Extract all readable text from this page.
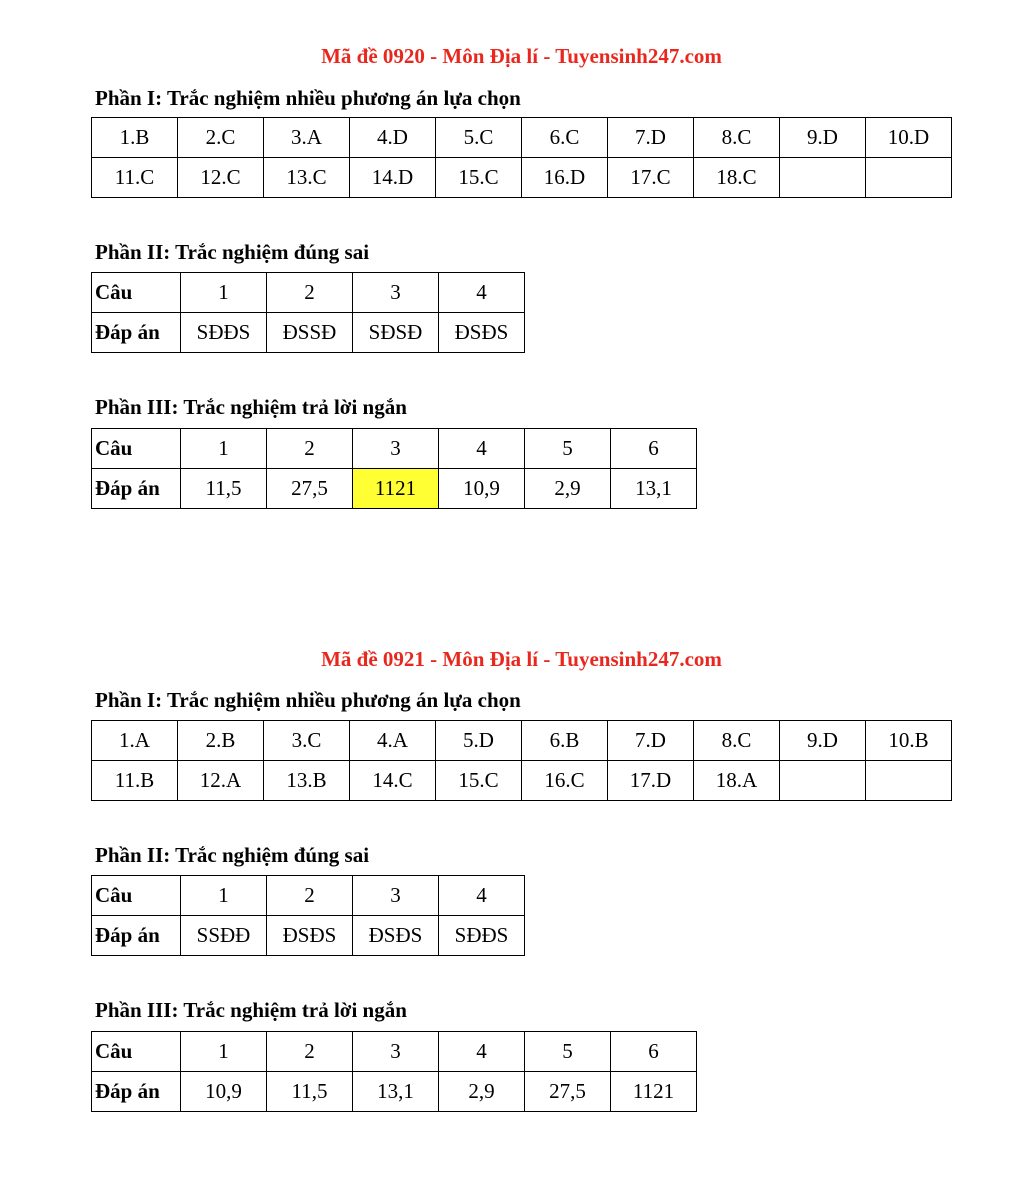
Mã đề 0920 - Môn Địa lí - Tuyensinh247.com
Phần I: Trắc nghiệm nhiều phương án lựa chọn
1.B	2.C	3.A	4.D	5.C	6.C	7.D	8.C	9.D	10.D
11.C	12.C	13.C	14.D	15.C	16.D	17.C	18.C		
Phần II: Trắc nghiệm đúng sai
Câu	1	2	3	4
Đáp án	SĐĐS	ĐSSĐ	SĐSĐ	ĐSĐS
Phần III: Trắc nghiệm trả lời ngắn
Câu	1	2	3	4	5	6
Đáp án	11,5	27,5	1121	10,9	2,9	13,1
Mã đề 0921 - Môn Địa lí - Tuyensinh247.com
Phần I: Trắc nghiệm nhiều phương án lựa chọn
1.A	2.B	3.C	4.A	5.D	6.B	7.D	8.C	9.D	10.B
11.B	12.A	13.B	14.C	15.C	16.C	17.D	18.A		
Phần II: Trắc nghiệm đúng sai
Câu	1	2	3	4
Đáp án	SSĐĐ	ĐSĐS	ĐSĐS	SĐĐS
Phần III: Trắc nghiệm trả lời ngắn
Câu	1	2	3	4	5	6
Đáp án	10,9	11,5	13,1	2,9	27,5	1121
